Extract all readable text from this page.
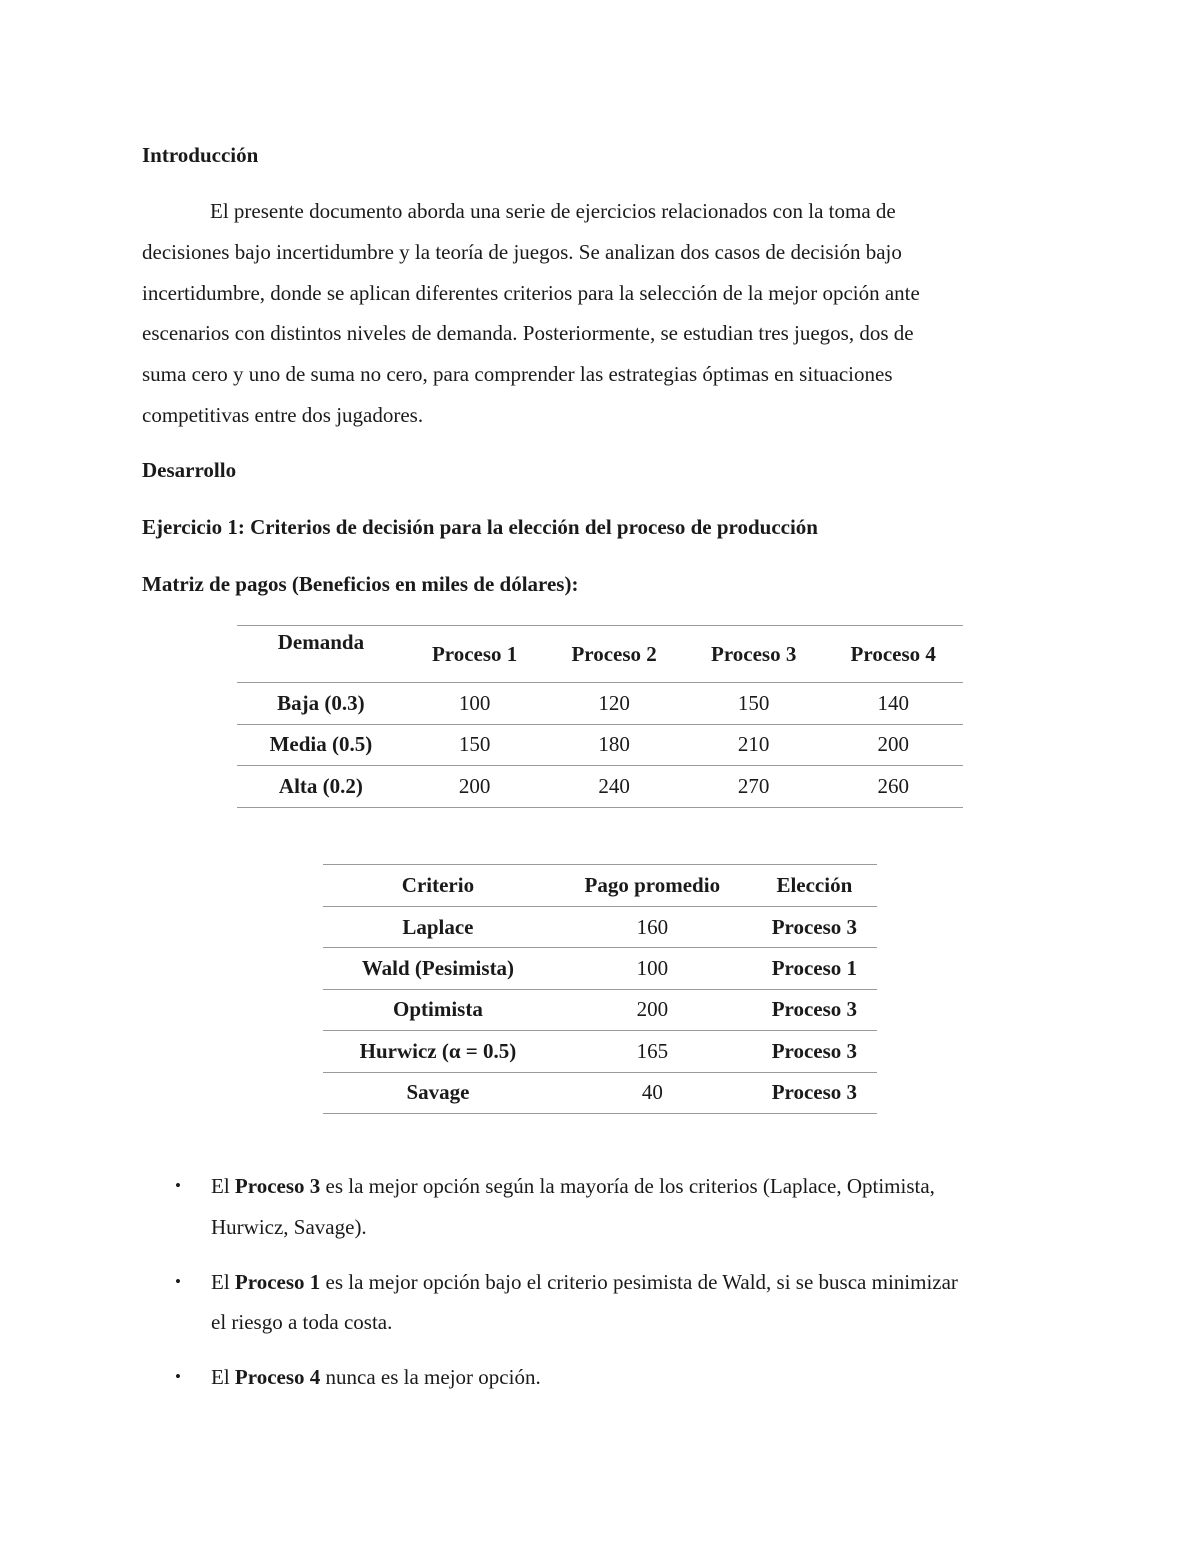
Introducción
El presente documento aborda una serie de ejercicios relacionados con la toma de
decisiones bajo incertidumbre y la teoría de juegos. Se analizan dos casos de decisión bajo
incertidumbre, donde se aplican diferentes criterios para la selección de la mejor opción ante
escenarios con distintos niveles de demanda. Posteriormente, se estudian tres juegos, dos de
suma cero y uno de suma no cero, para comprender las estrategias óptimas en situaciones
competitivas entre dos jugadores.
Desarrollo
Ejercicio 1: Criterios de decisión para la elección del proceso de producción
Matriz de pagos (Beneficios en miles de dólares):
Demanda	Proceso 1	Proceso 2	Proceso 3	Proceso 4
Baja (0.3)	100	120	150	140
Media (0.5)	150	180	210	200
Alta (0.2)	200	240	270	260
Criterio	Pago promedio	Elección
Laplace	160	Proceso 3
Wald (Pesimista)	100	Proceso 1
Optimista	200	Proceso 3
Hurwicz (α = 0.5)	165	Proceso 3
Savage	40	Proceso 3
• El Proceso 3 es la mejor opción según la mayoría de los criterios (Laplace, Optimista,
Hurwicz, Savage).
• El Proceso 1 es la mejor opción bajo el criterio pesimista de Wald, si se busca minimizar
el riesgo a toda costa.
• El Proceso 4 nunca es la mejor opción.
